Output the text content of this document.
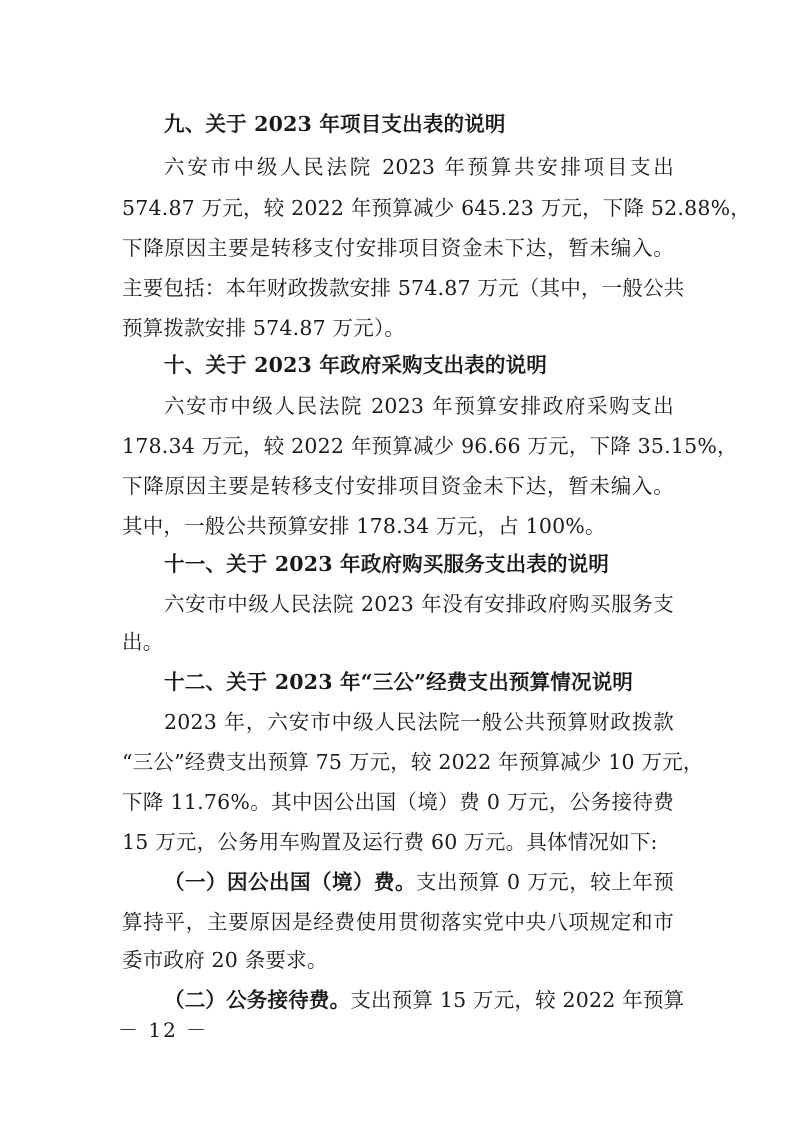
九、关于 2023 年项目支出表的说明
六安市中级人民法院 2023 年预算共安排项目支出
574.87 万元，较 2022 年预算减少 645.23 万元，下降 52.88%，
下降原因主要是转移支付安排项目资金未下达，暂未编入。
主要包括：本年财政拨款安排 574.87 万元（其中，一般公共
预算拨款安排 574.87 万元）。
十、关于 2023 年政府采购支出表的说明
六安市中级人民法院 2023 年预算安排政府采购支出
178.34 万元，较 2022 年预算减少 96.66 万元，下降 35.15%，
下降原因主要是转移支付安排项目资金未下达，暂未编入。
其中，一般公共预算安排 178.34 万元，占 100%。
十一、关于 2023 年政府购买服务支出表的说明
六安市中级人民法院 2023 年没有安排政府购买服务支
出。
十二、关于 2023 年“三公”经费支出预算情况说明
2023 年，六安市中级人民法院一般公共预算财政拨款
“三公”经费支出预算 75 万元，较 2022 年预算减少 10 万元，
下降 11.76%。其中因公出国（境）费 0 万元，公务接待费
15 万元，公务用车购置及运行费 60 万元。具体情况如下:
（一）因公出国（境）费。支出预算 0 万元，较上年预
算持平，主要原因是经费使用贯彻落实党中央八项规定和市
委市政府 20 条要求。
（二）公务接待费。支出预算 15 万元，较 2022 年预算
－ 12 －
